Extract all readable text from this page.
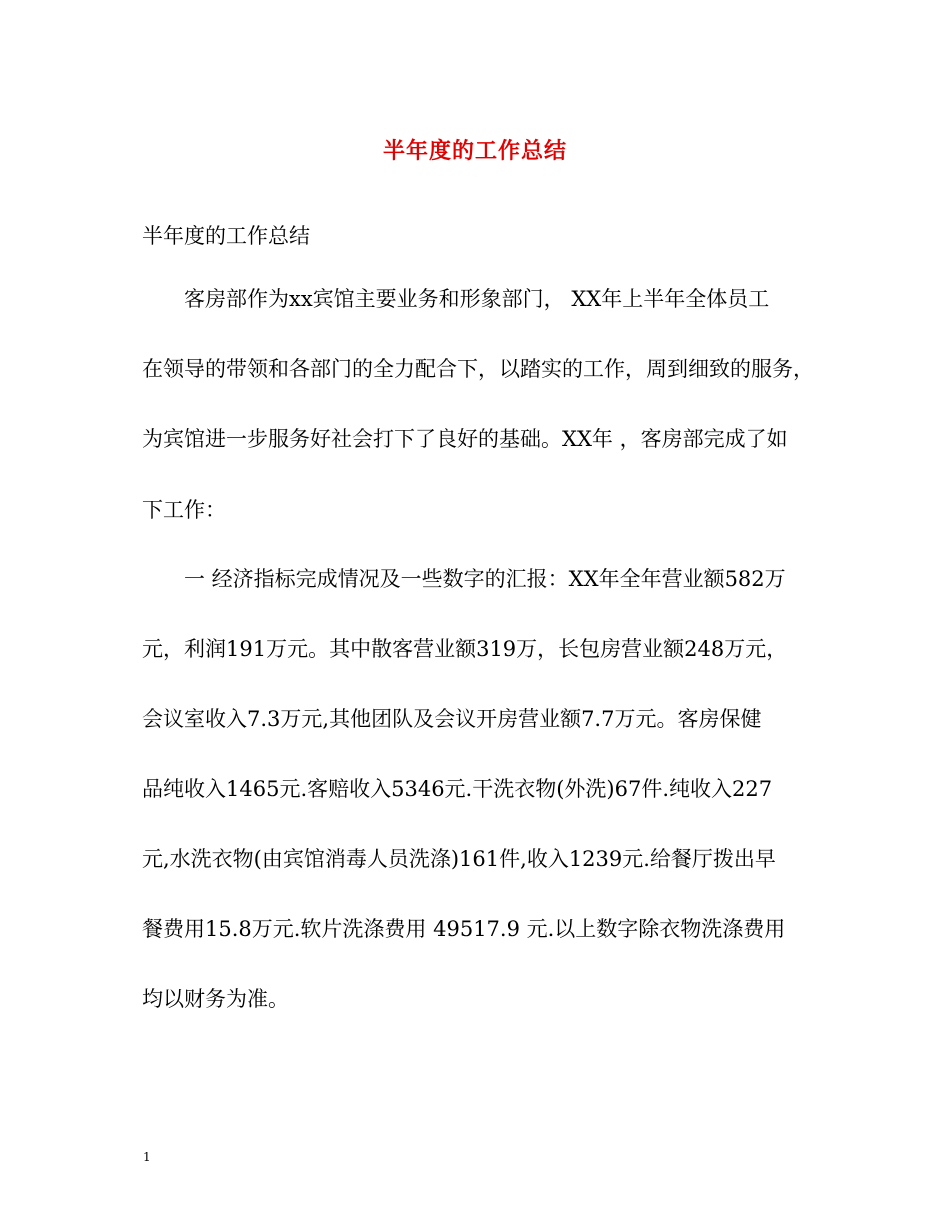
半年度的工作总结
半年度的工作总结
客房部作为xx宾馆主要业务和形象部门， XX年上半年全体员工
在领导的带领和各部门的全力配合下，以踏实的工作，周到细致的服务，
为宾馆进一步服务好社会打下了良好的基础。XX年 ，客房部完成了如
下工作：
一 经济指标完成情况及一些数字的汇报：XX年全年营业额582万
元，利润191万元。其中散客营业额319万，长包房营业额248万元，
会议室收入7.3万元,其他团队及会议开房营业额7.7万元。客房保健
品纯收入1465元.客赔收入5346元.干洗衣物(外洗)67件.纯收入227
元,水洗衣物(由宾馆消毒人员洗涤)161件,收入1239元.给餐厅拨出早
餐费用15.8万元.软片洗涤费用 49517.9 元.以上数字除衣物洗涤费用
均以财务为准。
1
